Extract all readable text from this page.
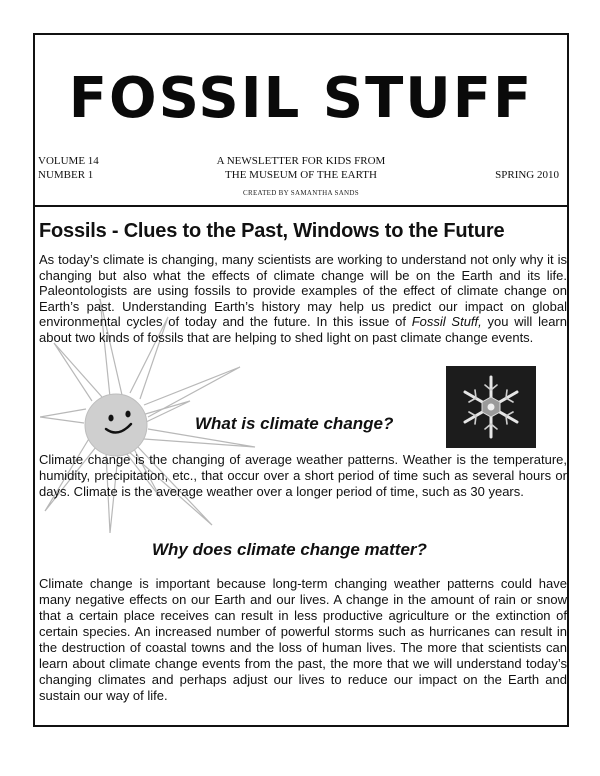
FOSSIL STUFF
VOLUME 14
NUMBER 1
A NEWSLETTER FOR KIDS FROM
THE MUSEUM OF THE EARTH	SPRING 2010
CREATED BY SAMANTHA SANDS
Fossils - Clues to the Past, Windows to the Future

As today’s climate is changing, many scientists are working to understand not only why it is changing but also what the effects of climate change will be on the Earth and its life. Paleontologists are using fossils to provide examples of the effect of climate change on Earth’s past. Understanding Earth’s history may help us predict our impact on global environmental cycles of today and the future. In this issue of Fossil Stuff, you will learn about two kinds of fossils that are helping to shed light on past climate change events.

What is climate change?

Climate change is the changing of average weather patterns. Weather is the temperature, humidity, precipitation, etc., that occur over a short period of time such as several hours or days. Climate is the average weather over a longer period of time, such as 30 years.

Why does climate change matter?

Climate change is important because long-term changing weather patterns could have many negative effects on our Earth and our lives. A change in the amount of rain or snow that a certain place receives can result in less productive agriculture or the extinction of certain species. An increased number of powerful storms such as hurricanes can result in the destruction of coastal towns and the loss of human lives. The more that scientists can learn about climate change events from the past, the more that we will understand today’s changing climates and perhaps adjust our lives to reduce our impact on the Earth and sustain our way of life.
